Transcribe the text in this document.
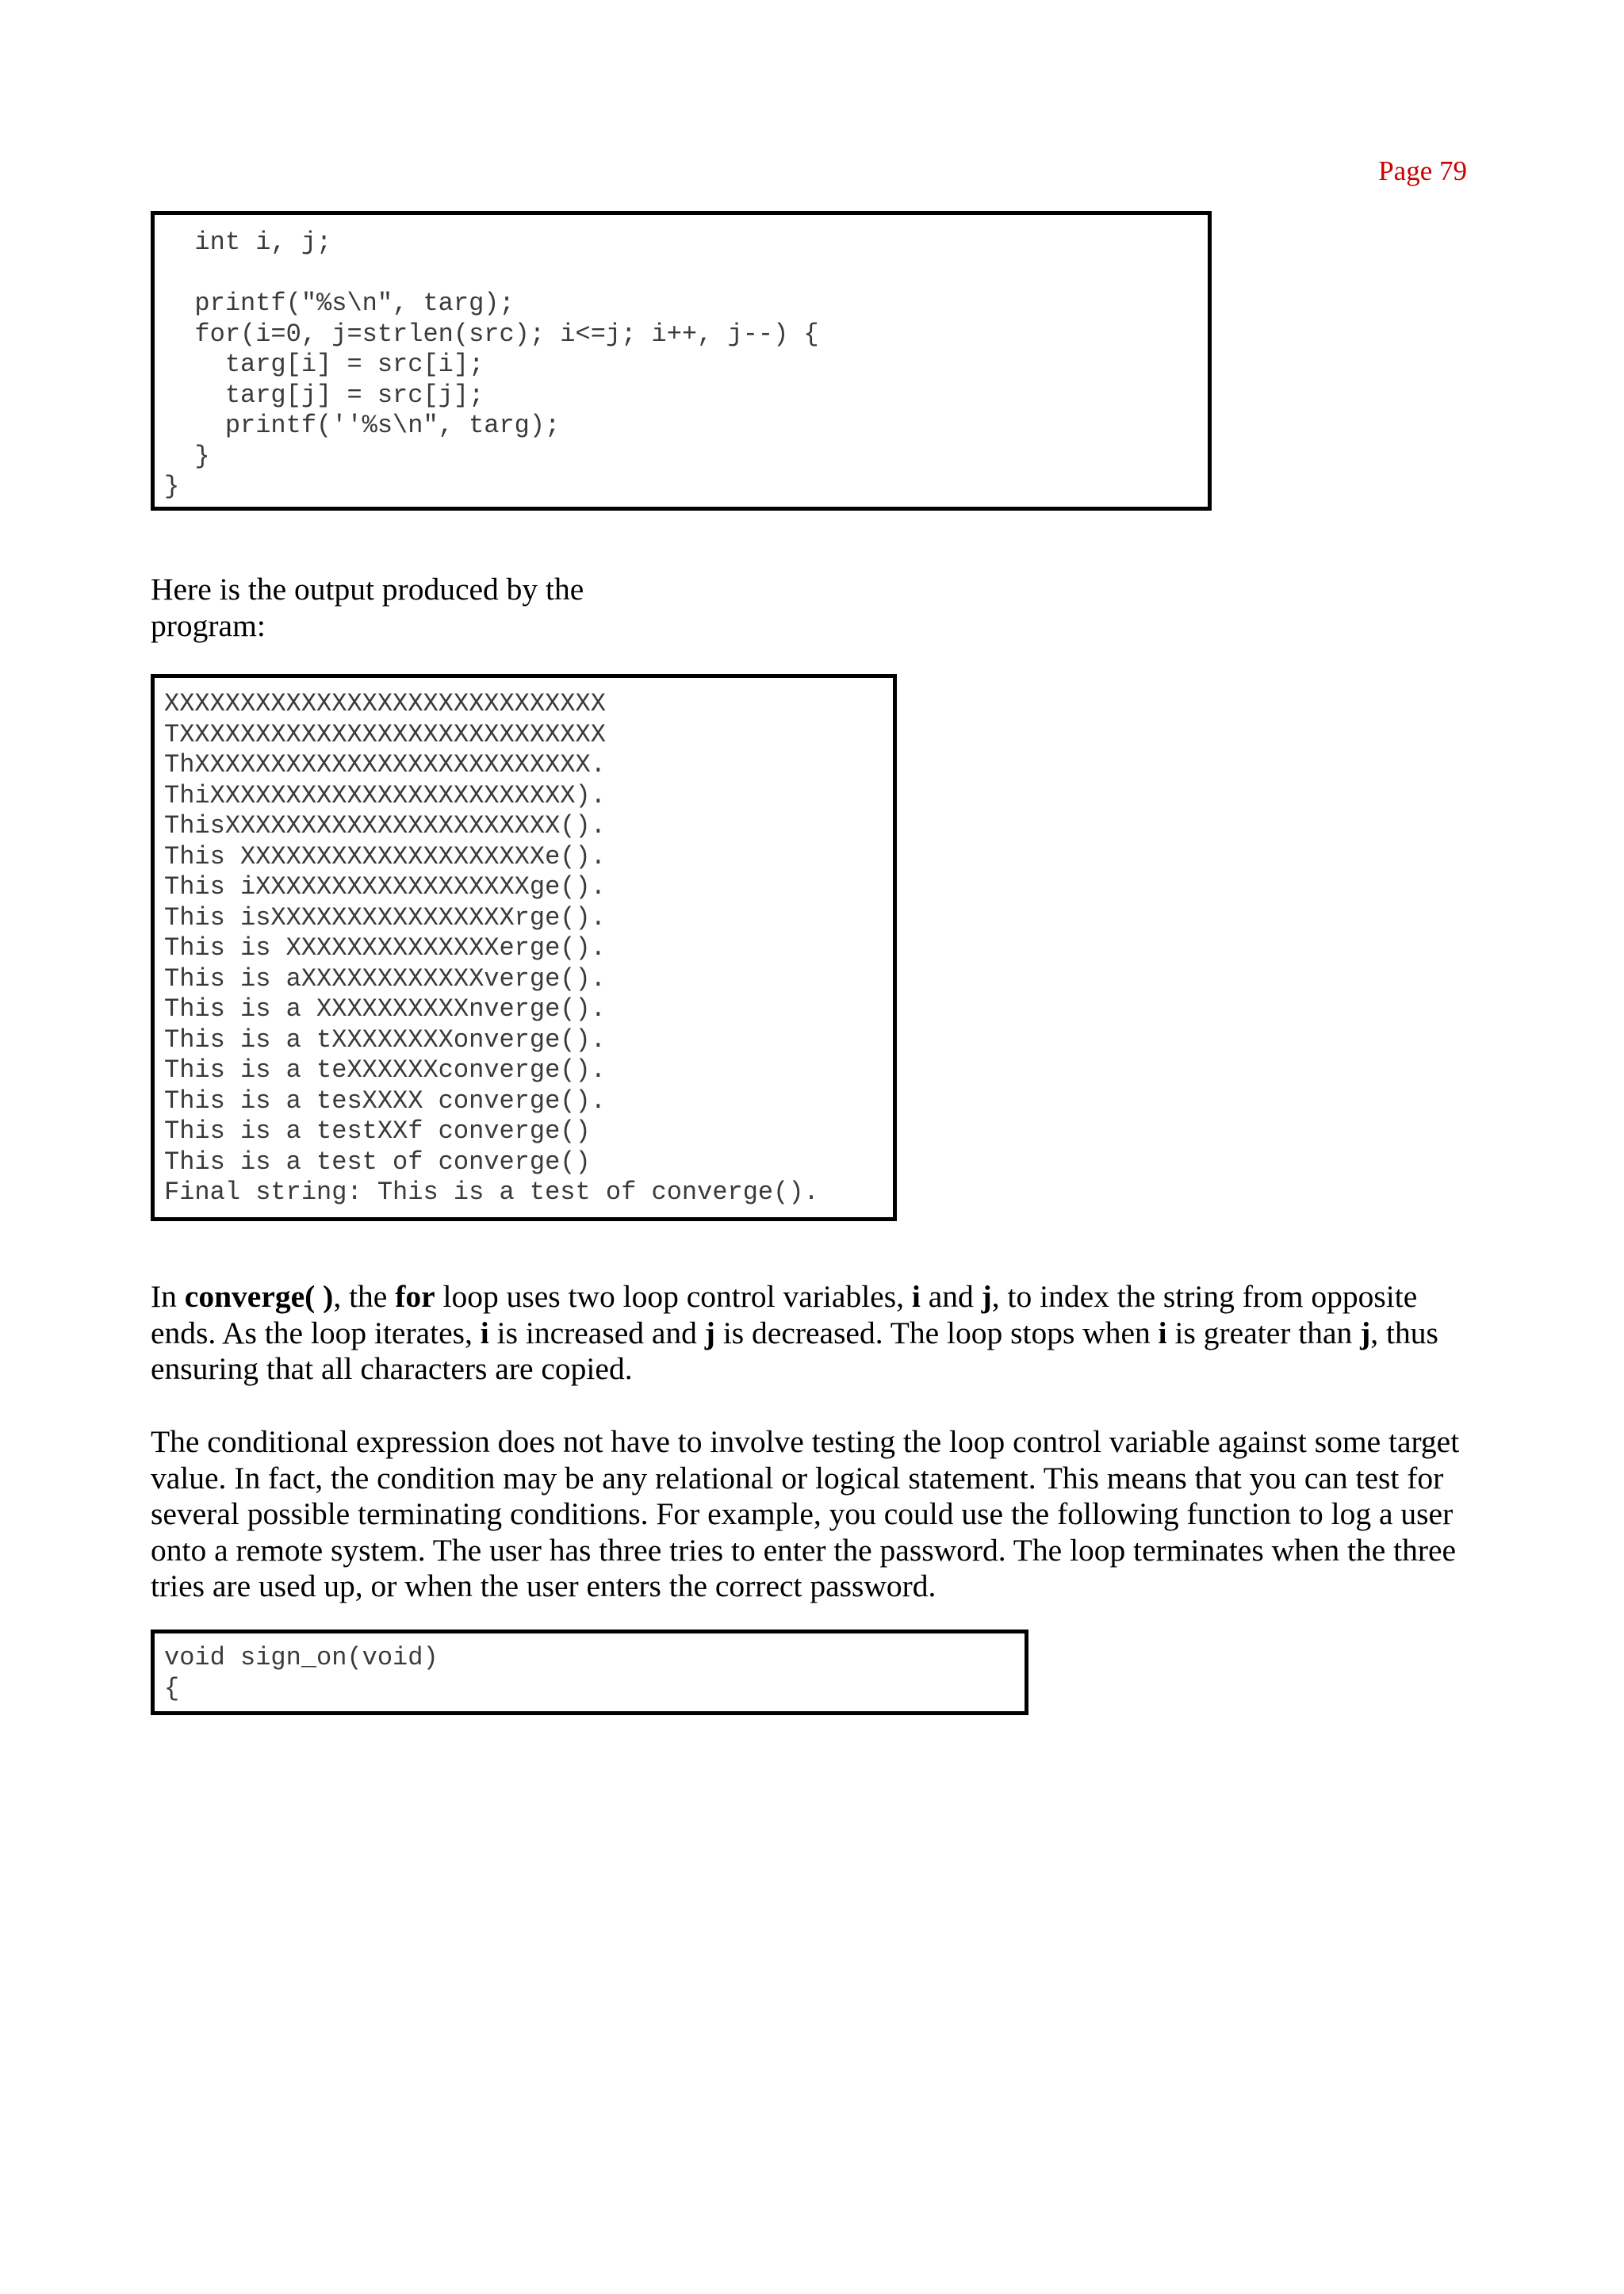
Page 79
int i, j;

printf("%s\n", targ);
for(i=0, j=strlen(src); i<=j; i++, j--) {
targ[i] = src[i];
targ[j] = src[j];
printf(''%s\n", targ);
}
}

Here is the output produced by the program:

XXXXXXXXXXXXXXXXXXXXXXXXXXXXX
TXXXXXXXXXXXXXXXXXXXXXXXXXXXX
ThXXXXXXXXXXXXXXXXXXXXXXXXXX.
ThiXXXXXXXXXXXXXXXXXXXXXXXX).
ThisXXXXXXXXXXXXXXXXXXXXXX().
This XXXXXXXXXXXXXXXXXXXXe().
This iXXXXXXXXXXXXXXXXXXge().
This isXXXXXXXXXXXXXXXXrge().
This is XXXXXXXXXXXXXXerge().
This is aXXXXXXXXXXXXverge().
This is a XXXXXXXXXXnverge().
This is a tXXXXXXXXonverge().
This is a teXXXXXXconverge().
This is a tesXXXX converge().
This is a testXXf converge()
This is a test of converge()
Final string: This is a test of converge().

In converge( ), the for loop uses two loop control variables, i and j, to index the string from opposite ends. As the loop iterates, i is increased and j is decreased. The loop stops when i is greater than j, thus ensuring that all characters are copied.

The conditional expression does not have to involve testing the loop control variable against some target value. In fact, the condition may be any relational or logical statement. This means that you can test for several possible terminating conditions. For example, you could use the following function to log a user onto a remote system. The user has three tries to enter the password. The loop terminates when the three tries are used up, or when the user enters the correct password.

void sign_on(void)
{
